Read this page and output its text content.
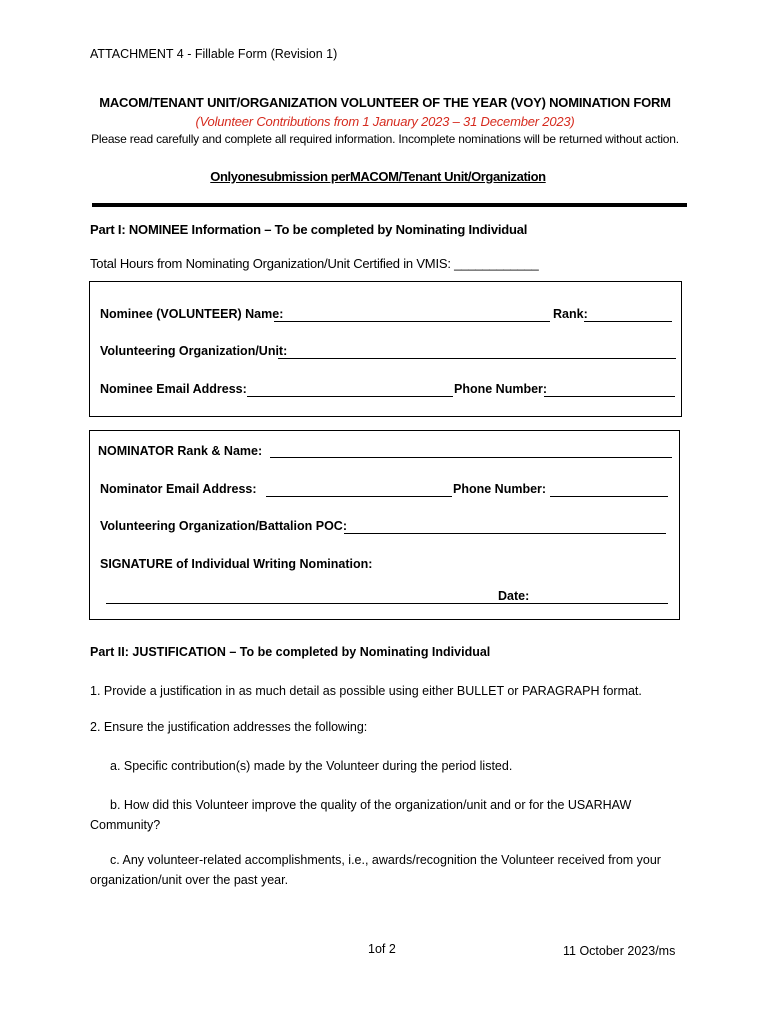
ATTACHMENT 4 - Fillable Form (Revision 1)
MACOM/TENANT UNIT/ORGANIZATION VOLUNTEER OF THE YEAR (VOY) NOMINATION FORM
(Volunteer Contributions from 1 January 2023 – 31 December 2023)
Please read carefully and complete all required information. Incomplete nominations will be returned without action.
Onlyonesubmission perMACOM/Tenant Unit/Organization
Part I: NOMINEE Information – To be completed by Nominating Individual
Total Hours from Nominating Organization/Unit Certified in VMIS: ____________
Nominee (VOLUNTEER) Name:	Rank:
Volunteering Organization/Unit:
Nominee Email Address:	Phone Number:
NOMINATOR Rank & Name:
Nominator Email Address:	Phone Number:
Volunteering Organization/Battalion POC:
SIGNATURE of Individual Writing Nomination:
Date:
Part II: JUSTIFICATION – To be completed by Nominating Individual
1. Provide a justification in as much detail as possible using either BULLET or PARAGRAPH format.
2. Ensure the justification addresses the following:
a. Specific contribution(s) made by the Volunteer during the period listed.
b. How did this Volunteer improve the quality of the organization/unit and or for the USARHAW Community?
c. Any volunteer-related accomplishments, i.e., awards/recognition the Volunteer received from your organization/unit over the past year.
1of 2	11 October 2023/ms
